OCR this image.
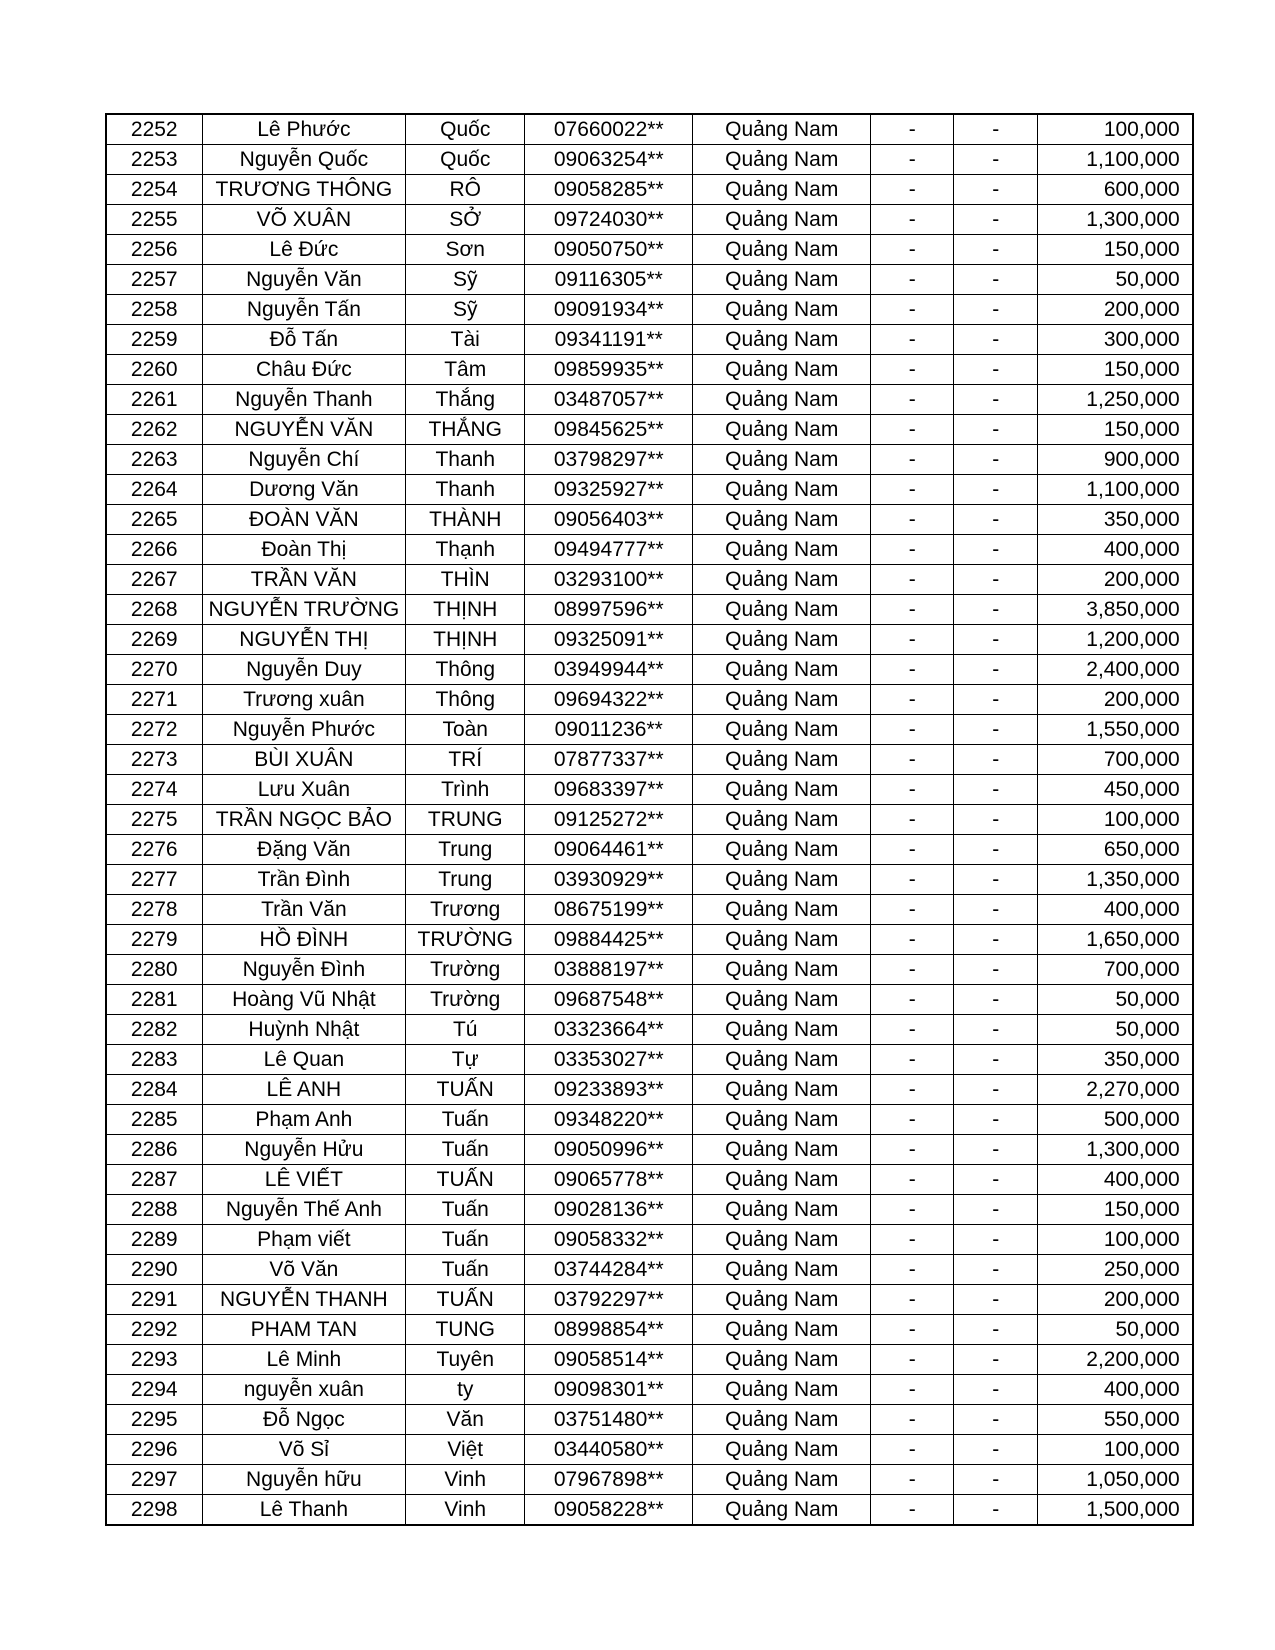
2252	Lê Phước	Quốc	07660022**	Quảng Nam	-	-	100,000
2253	Nguyễn Quốc	Quốc	09063254**	Quảng Nam	-	-	1,100,000
2254	TRƯƠNG THÔNG	RÔ	09058285**	Quảng Nam	-	-	600,000
2255	VÕ XUÂN	SỞ	09724030**	Quảng Nam	-	-	1,300,000
2256	Lê Đức	Sơn	09050750**	Quảng Nam	-	-	150,000
2257	Nguyễn Văn	Sỹ	09116305**	Quảng Nam	-	-	50,000
2258	Nguyễn Tấn	Sỹ	09091934**	Quảng Nam	-	-	200,000
2259	Đỗ Tấn	Tài	09341191**	Quảng Nam	-	-	300,000
2260	Châu Đức	Tâm	09859935**	Quảng Nam	-	-	150,000
2261	Nguyễn Thanh	Thắng	03487057**	Quảng Nam	-	-	1,250,000
2262	NGUYỄN VĂN	THẮNG	09845625**	Quảng Nam	-	-	150,000
2263	Nguyễn Chí	Thanh	03798297**	Quảng Nam	-	-	900,000
2264	Dương Văn	Thanh	09325927**	Quảng Nam	-	-	1,100,000
2265	ĐOÀN VĂN	THÀNH	09056403**	Quảng Nam	-	-	350,000
2266	Đoàn Thị	Thạnh	09494777**	Quảng Nam	-	-	400,000
2267	TRẦN VĂN	THÌN	03293100**	Quảng Nam	-	-	200,000
2268	NGUYỄN TRƯỜNG	THỊNH	08997596**	Quảng Nam	-	-	3,850,000
2269	NGUYỄN THỊ	THỊNH	09325091**	Quảng Nam	-	-	1,200,000
2270	Nguyễn Duy	Thông	03949944**	Quảng Nam	-	-	2,400,000
2271	Trương xuân	Thông	09694322**	Quảng Nam	-	-	200,000
2272	Nguyễn Phước	Toàn	09011236**	Quảng Nam	-	-	1,550,000
2273	BÙI XUÂN	TRÍ	07877337**	Quảng Nam	-	-	700,000
2274	Lưu Xuân	Trình	09683397**	Quảng Nam	-	-	450,000
2275	TRẦN NGỌC BẢO	TRUNG	09125272**	Quảng Nam	-	-	100,000
2276	Đặng Văn	Trung	09064461**	Quảng Nam	-	-	650,000
2277	Trần Đình	Trung	03930929**	Quảng Nam	-	-	1,350,000
2278	Trần Văn	Trương	08675199**	Quảng Nam	-	-	400,000
2279	HỒ ĐÌNH	TRƯỜNG	09884425**	Quảng Nam	-	-	1,650,000
2280	Nguyễn Đình	Trường	03888197**	Quảng Nam	-	-	700,000
2281	Hoàng Vũ Nhật	Trường	09687548**	Quảng Nam	-	-	50,000
2282	Huỳnh Nhật	Tú	03323664**	Quảng Nam	-	-	50,000
2283	Lê Quan	Tự	03353027**	Quảng Nam	-	-	350,000
2284	LÊ ANH	TUẤN	09233893**	Quảng Nam	-	-	2,270,000
2285	Phạm Anh	Tuấn	09348220**	Quảng Nam	-	-	500,000
2286	Nguyễn Hửu	Tuấn	09050996**	Quảng Nam	-	-	1,300,000
2287	LÊ VIẾT	TUẤN	09065778**	Quảng Nam	-	-	400,000
2288	Nguyễn Thế Anh	Tuấn	09028136**	Quảng Nam	-	-	150,000
2289	Phạm viết	Tuấn	09058332**	Quảng Nam	-	-	100,000
2290	Võ Văn	Tuấn	03744284**	Quảng Nam	-	-	250,000
2291	NGUYỄN THANH	TUẤN	03792297**	Quảng Nam	-	-	200,000
2292	PHAM TAN	TUNG	08998854**	Quảng Nam	-	-	50,000
2293	Lê Minh	Tuyên	09058514**	Quảng Nam	-	-	2,200,000
2294	nguyễn xuân	ty	09098301**	Quảng Nam	-	-	400,000
2295	Đỗ Ngọc	Văn	03751480**	Quảng Nam	-	-	550,000
2296	Võ Sỉ	Việt	03440580**	Quảng Nam	-	-	100,000
2297	Nguyễn hữu	Vinh	07967898**	Quảng Nam	-	-	1,050,000
2298	Lê Thanh	Vinh	09058228**	Quảng Nam	-	-	1,500,000
